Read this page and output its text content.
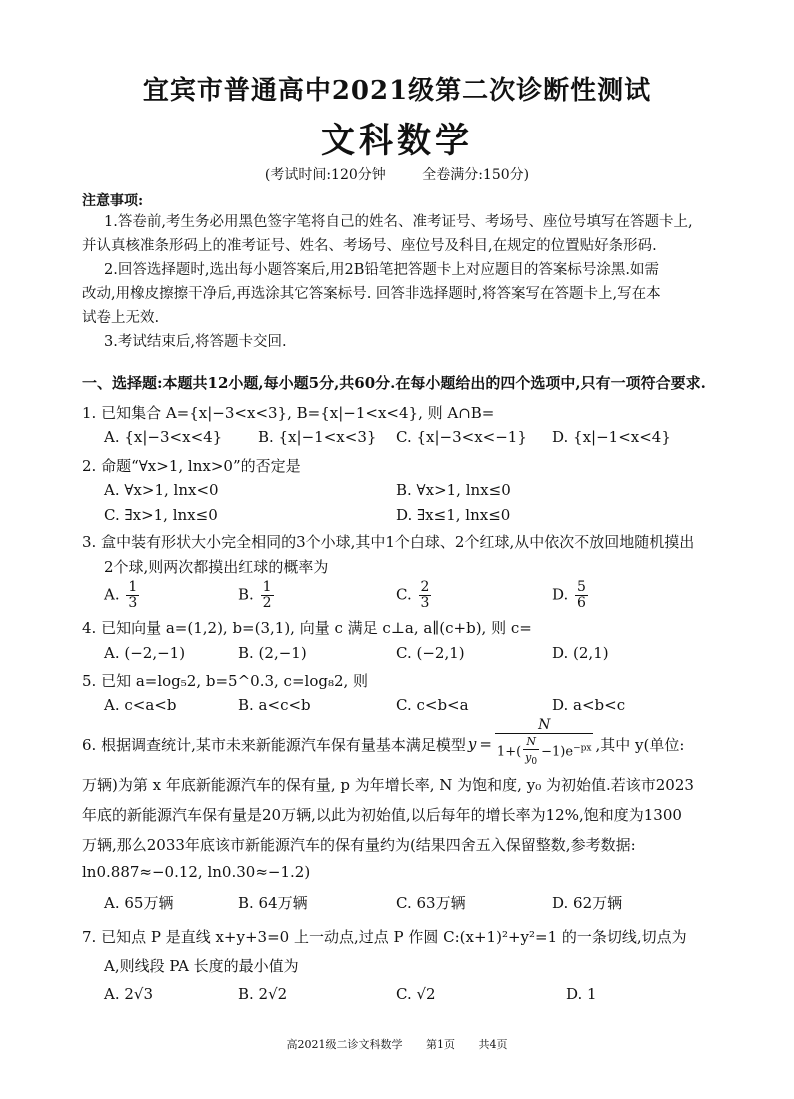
宜宾市普通高中2021级第二次诊断性测试
文科数学
(考试时间:120分钟	全卷满分:150分)
注意事项:
1.答卷前,考生务必用黑色签字笔将自己的姓名、准考证号、考场号、座位号填写在答题卡上,
并认真核准条形码上的准考证号、姓名、考场号、座位号及科目,在规定的位置贴好条形码.
2.回答选择题时,选出每小题答案后,用2B铅笔把答题卡上对应题目的答案标号涂黑.如需
改动,用橡皮擦擦干净后,再选涂其它答案标号. 回答非选择题时,将答案写在答题卡上,写在本
试卷上无效.
3.考试结束后,将答题卡交回.
一、选择题:本题共12小题,每小题5分,共60分.在每小题给出的四个选项中,只有一项符合要求.
1. 已知集合 A={x|−3<x<3}, B={x|−1<x<4}, 则 A∩B=
A. {x|−3<x<4} B. {x|−1<x<3} C. {x|−3<x<−1} D. {x|−1<x<4}
2. 命题“∀x>1, lnx>0”的否定是
A. ∀x>1, lnx<0	B. ∀x>1, lnx≤0
C. ∃x>1, lnx≤0	D. ∃x≤1, lnx≤0
3. 盒中装有形状大小完全相同的3个小球,其中1个白球、2个红球,从中依次不放回地随机摸出
2个球,则两次都摸出红球的概率为
A. $\frac{1}{3}$	B. $\frac{1}{2}$	C. $\frac{2}{3}$	D. $\frac{5}{6}$
4. 已知向量 a=(1,2), b=(3,1), 向量 c 满足 c⊥a, a∥(c+b), 则 c=
A. (−2,−1)	B. (2,−1)	C. (−2,1)	D. (2,1)
5. 已知 a=log₅2, b=5^0.3, c=log₈2, 则
A. c<a<b	B. a<c<b	C. c<b<a	D. a<b<c
6. 根据调查统计,某市未来新能源汽车保有量基本满足模型 y =
N
$1+( \frac{N}{y_0} -1)e^{-px}$ ,其中 y(单位:
万辆)为第 x 年底新能源汽车的保有量, p 为年增长率, N 为饱和度, y₀ 为初始值.若该市2023
年底的新能源汽车保有量是20万辆,以此为初始值,以后每年的增长率为12%,饱和度为1300
万辆,那么2033年底该市新能源汽车的保有量约为(结果四舍五入保留整数,参考数据:
ln0.887≈−0.12, ln0.30≈−1.2)
A. 65万辆	B. 64万辆	C. 63万辆	D. 62万辆
7. 已知点 P 是直线 x+y+3=0 上一动点,过点 P 作圆 C:(x+1)²+y²=1 的一条切线,切点为
A,则线段 PA 长度的最小值为
A. 2√3	B. 2√2	C. √2	D. 1
高2021级二诊文科数学 第1页 共4页
